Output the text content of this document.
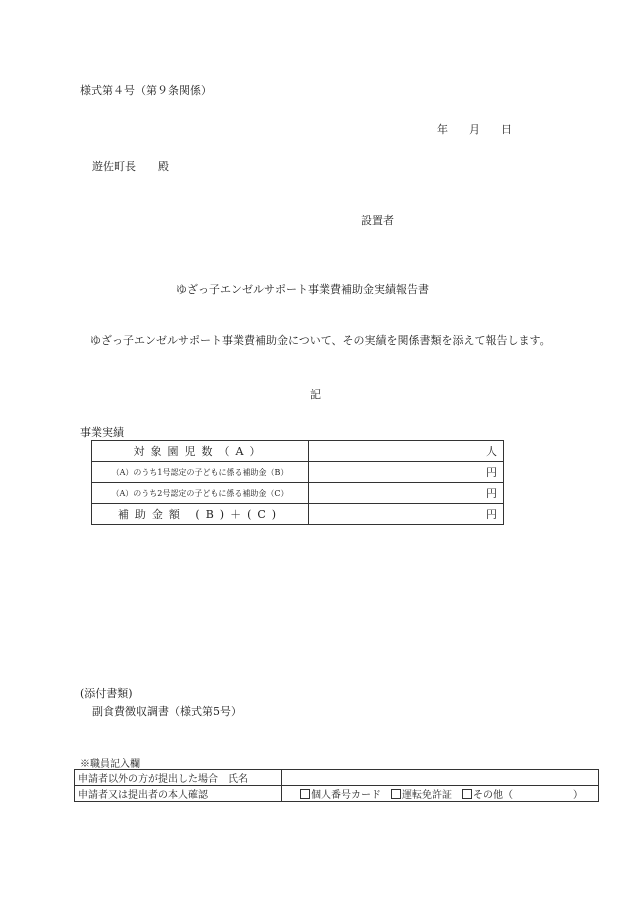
様式第４号（第９条関係）
年 月 日
遊佐町長 殿
設置者
ゆざっ子エンゼルサポート事業費補助金実績報告書
ゆざっ子エンゼルサポート事業費補助金について、その実績を関係書類を添えて報告します。
記
事業実績
対象園児数（A）	人
（A）のうち1号認定の子どもに係る補助金（B）	円
（A）のうち2号認定の子どもに係る補助金（C）	円
補助金額 (B)＋(C)	円
(添付書類)
副食費徴収調書（様式第5号）
※職員記入欄
申請者以外の方が提出した場合　氏名	
申請者又は提出者の本人確認	個人番号カード 運転免許証 その他（ ）
